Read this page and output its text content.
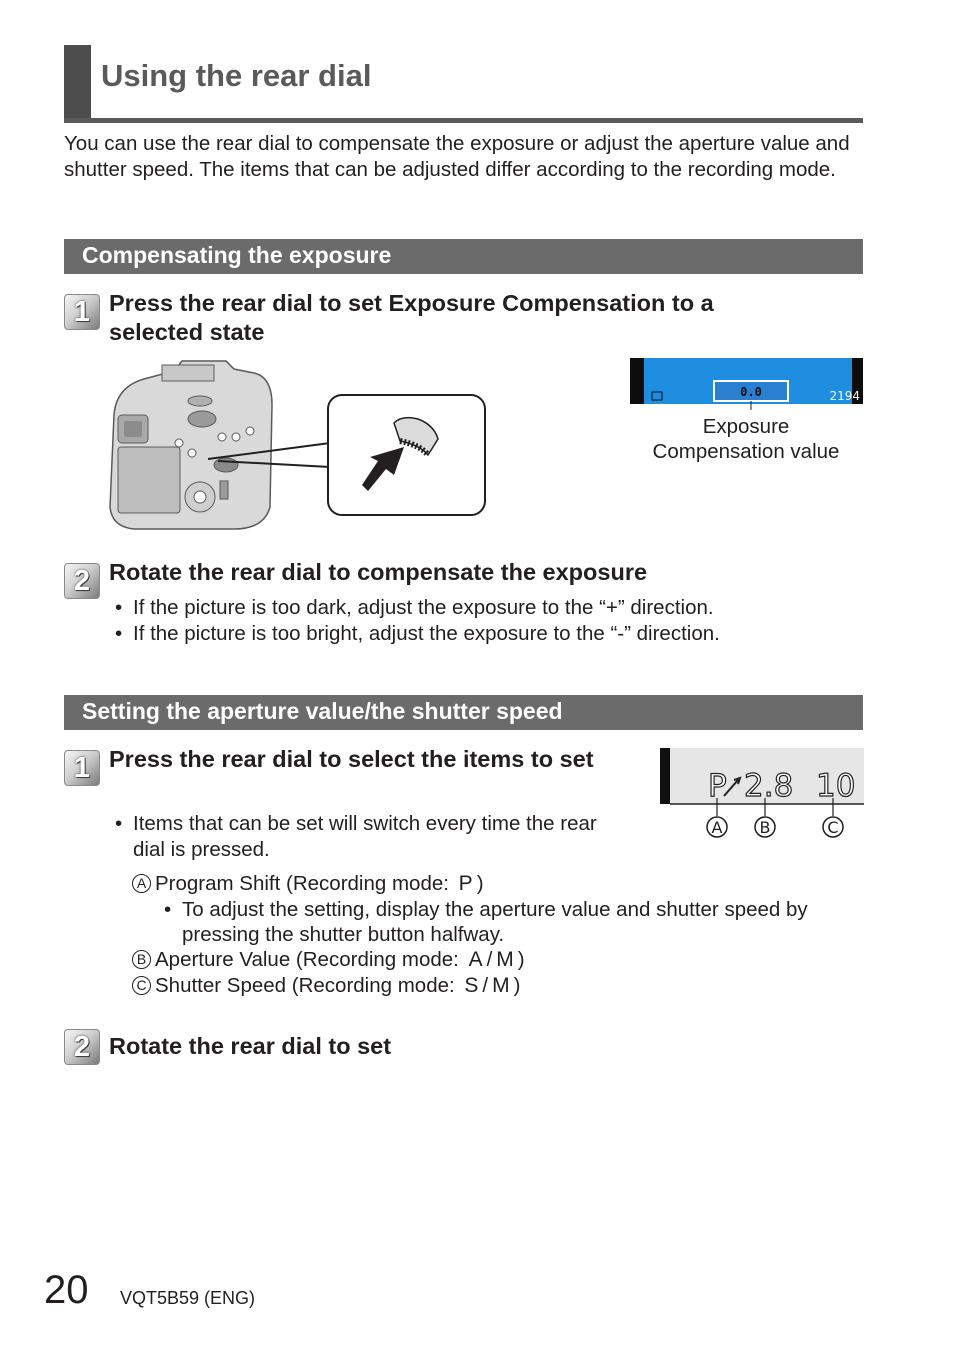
Using the rear dial
You can use the rear dial to compensate the exposure or adjust the aperture value and shutter speed. The items that can be adjusted differ according to the recording mode.
Compensating the exposure
1 Press the rear dial to set Exposure Compensation to a selected state
0.0	2194
Exposure
Compensation value
2 Rotate the rear dial to compensate the exposure
• If the picture is too dark, adjust the exposure to the “+” direction.
• If the picture is too bright, adjust the exposure to the “-” direction.
Setting the aperture value/the shutter speed
1 Press the rear dial to select the items to set
P 2.8 10
A B	C
• Items that can be set will switch every time the rear dial is pressed.
A Program Shift (Recording mode: P )
• To adjust the setting, display the aperture value and shutter speed by pressing the shutter button halfway.
B Aperture Value (Recording mode: A / M )
C Shutter Speed (Recording mode: S / M )
2 Rotate the rear dial to set
20 VQT5B59 (ENG)
